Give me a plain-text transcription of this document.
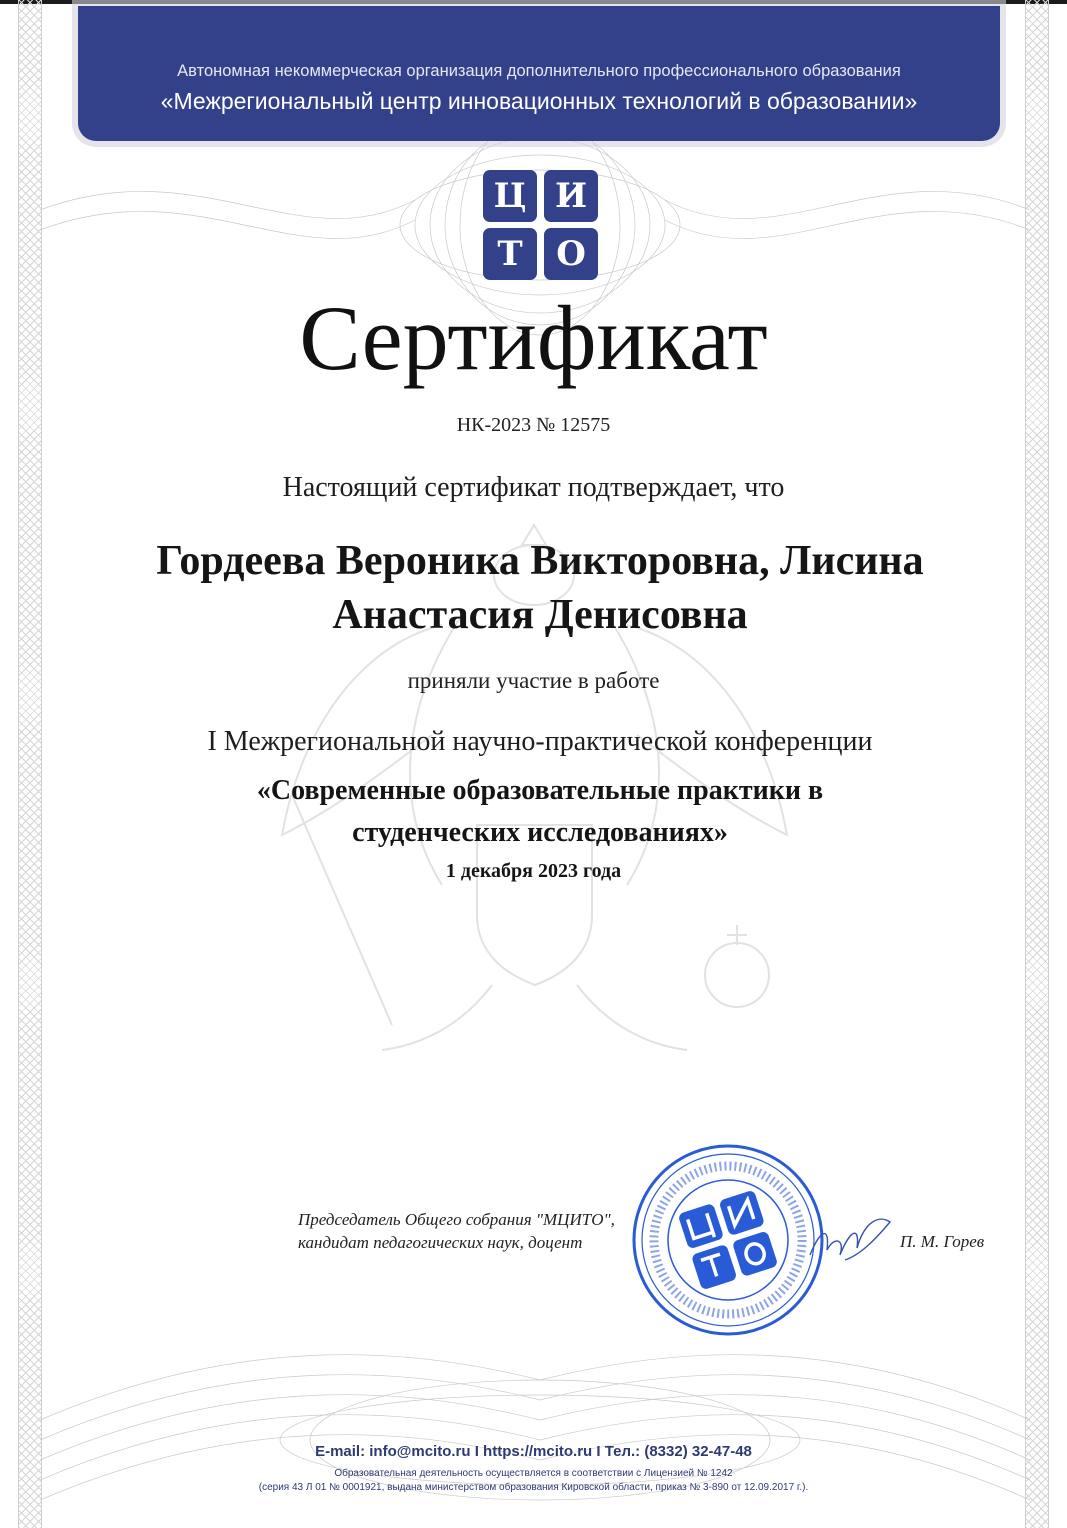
Автономная некоммерческая организация дополнительного профессионального образования
«Межрегиональный центр инновационных технологий в образовании»
Ц И
Т О
Сертификат
НК-2023 № 12575
Настоящий сертификат подтверждает, что
Гордеева Вероника Викторовна, Лисина
Анастасия Денисовна
приняли участие в работе
I Межрегиональной научно-практической конференции
«Современные образовательные практики в
студенческих исследованиях»
1 декабря 2023 года
Председатель Общего собрания "МЦИТО",
кандидат педагогических наук, доцент	П. М. Горев
E-mail: info@mcito.ru I https://mcito.ru I Тел.: (8332) 32-47-48
Образовательная деятельность осуществляется в соответствии с Лицензией № 1242
(серия 43 Л 01 № 0001921, выдана министерством образования Кировской области, приказ № 3-890 от 12.09.2017 г.).
